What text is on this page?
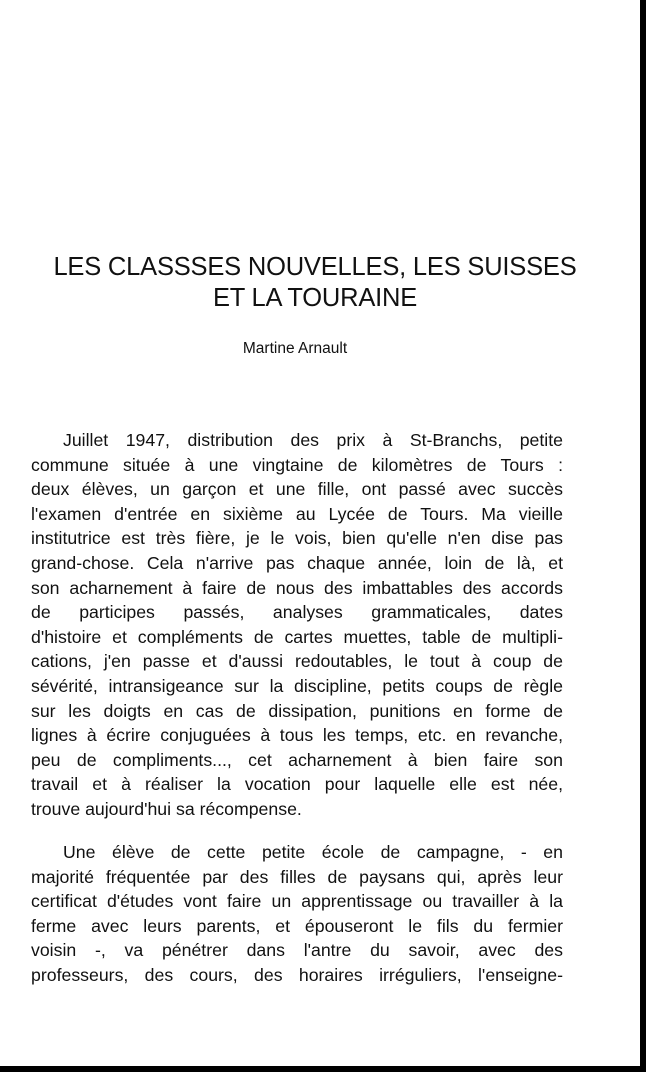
LES CLASSSES NOUVELLES, LES SUISSES
ET LA TOURAINE
Martine Arnault
Juillet 1947, distribution des prix à St-Branchs, petite
commune située à une vingtaine de kilomètres de Tours :
deux élèves, un garçon et une fille, ont passé avec succès
l'examen d'entrée en sixième au Lycée de Tours. Ma vieille
institutrice est très fière, je le vois, bien qu'elle n'en dise pas
grand-chose. Cela n'arrive pas chaque année, loin de là, et
son acharnement à faire de nous des imbattables des accords
de participes passés, analyses grammaticales, dates
d'histoire et compléments de cartes muettes, table de multipli-
cations, j'en passe et d'aussi redoutables, le tout à coup de
sévérité, intransigeance sur la discipline, petits coups de règle
sur les doigts en cas de dissipation, punitions en forme de
lignes à écrire conjuguées à tous les temps, etc. en revanche,
peu de compliments..., cet acharnement à bien faire son
travail et à réaliser la vocation pour laquelle elle est née,
trouve aujourd'hui sa récompense.
Une élève de cette petite école de campagne, - en
majorité fréquentée par des filles de paysans qui, après leur
certificat d'études vont faire un apprentissage ou travailler à la
ferme avec leurs parents, et épouseront le fils du fermier
voisin -, va pénétrer dans l'antre du savoir, avec des
professeurs, des cours, des horaires irréguliers, l'enseigne-
